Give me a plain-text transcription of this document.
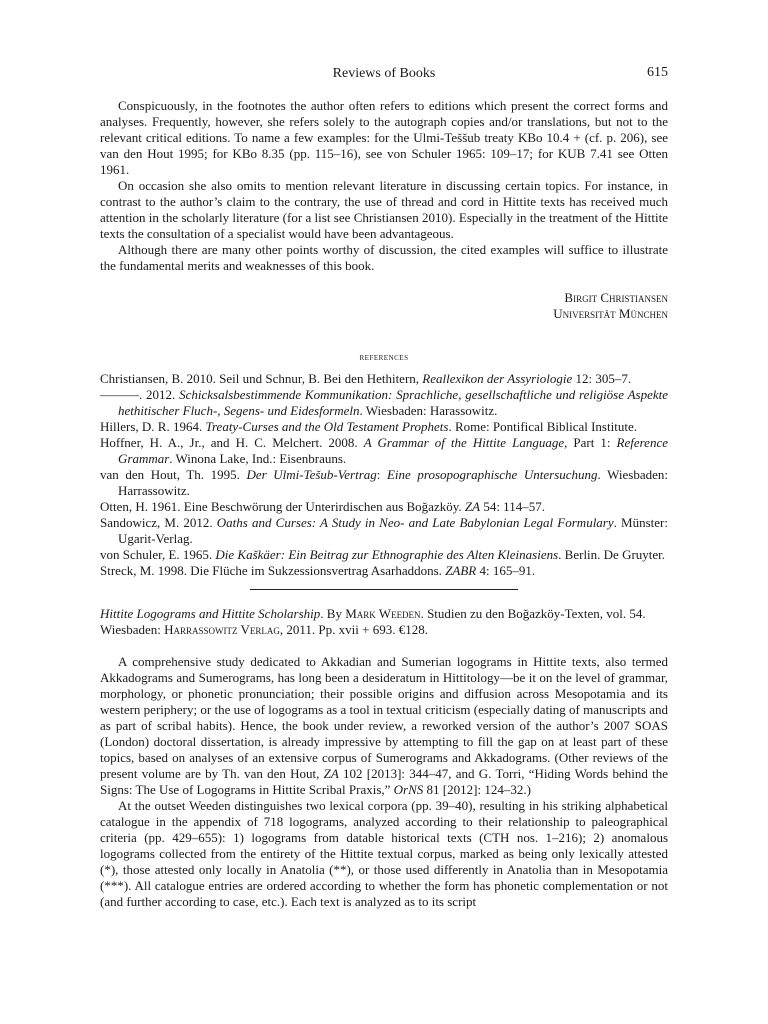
Reviews of Books	615

Conspicuously, in the footnotes the author often refers to editions which present the correct forms and analyses. Frequently, however, she refers solely to the autograph copies and/or translations, but not to the relevant critical editions. To name a few examples: for the Ulmi-Teššub treaty KBo 10.4 + (cf. p. 206), see van den Hout 1995; for KBo 8.35 (pp. 115–16), see von Schuler 1965: 109–17; for KUB 7.41 see Otten 1961.

On occasion she also omits to mention relevant literature in discussing certain topics. For instance, in contrast to the author’s claim to the contrary, the use of thread and cord in Hittite texts has received much attention in the scholarly literature (for a list see Christiansen 2010). Especially in the treatment of the Hittite texts the consultation of a specialist would have been advantageous.

Although there are many other points worthy of discussion, the cited examples will suffice to illustrate the fundamental merits and weaknesses of this book.

Birgit Christiansen
Universität München
references
Christiansen, B. 2010. Seil und Schnur, B. Bei den Hethitern, Reallexikon der Assyriologie 12: 305–7.
———. 2012. Schicksalsbestimmende Kommunikation: Sprachliche, gesellschaftliche und religiöse Aspekte hethitischer Fluch-, Segens- und Eidesformeln. Wiesbaden: Harassowitz.
Hillers, D. R. 1964. Treaty-Curses and the Old Testament Prophets. Rome: Pontifical Biblical Institute.
Hoffner, H. A., Jr., and H. C. Melchert. 2008. A Grammar of the Hittite Language, Part 1: Reference Grammar. Winona Lake, Ind.: Eisenbrauns.
van den Hout, Th. 1995. Der Ulmi-Tešub-Vertrag: Eine prosopographische Untersuchung. Wiesbaden: Harrassowitz.
Otten, H. 1961. Eine Beschwörung der Unterirdischen aus Boğazköy. ZA 54: 114–57.
Sandowicz, M. 2012. Oaths and Curses: A Study in Neo- and Late Babylonian Legal Formulary. Münster: Ugarit-Verlag.
von Schuler, E. 1965. Die Kaškäer: Ein Beitrag zur Ethnographie des Alten Kleinasiens. Berlin. De Gruyter.
Streck, M. 1998. Die Flüche im Sukzessionsvertrag Asarhaddons. ZABR 4: 165–91.

Hittite Logograms and Hittite Scholarship. By Mark Weeden. Studien zu den Boğazköy-Texten, vol. 54. Wiesbaden: Harrassowitz Verlag, 2011. Pp. xvii + 693. €128.

A comprehensive study dedicated to Akkadian and Sumerian logograms in Hittite texts, also termed Akkadograms and Sumerograms, has long been a desideratum in Hittitology—be it on the level of grammar, morphology, or phonetic pronunciation; their possible origins and diffusion across Mesopotamia and its western periphery; or the use of logograms as a tool in textual criticism (especially dating of manuscripts and as part of scribal habits). Hence, the book under review, a reworked version of the author’s 2007 SOAS (London) doctoral dissertation, is already impressive by attempting to fill the gap on at least part of these topics, based on analyses of an extensive corpus of Sumerograms and Akkadograms. (Other reviews of the present volume are by Th. van den Hout, ZA 102 [2013]: 344–47, and G. Torri, “Hiding Words behind the Signs: The Use of Logograms in Hittite Scribal Praxis,” OrNS 81 [2012]: 124–32.)

At the outset Weeden distinguishes two lexical corpora (pp. 39–40), resulting in his striking alphabetical catalogue in the appendix of 718 logograms, analyzed according to their relationship to paleographical criteria (pp. 429–655): 1) logograms from datable historical texts (CTH nos. 1–216); 2) anomalous logograms collected from the entirety of the Hittite textual corpus, marked as being only lexically attested (*), those attested only locally in Anatolia (**), or those used differently in Anatolia than in Mesopotamia (***). All catalogue entries are ordered according to whether the form has phonetic complementation or not (and further according to case, etc.). Each text is analyzed as to its script
